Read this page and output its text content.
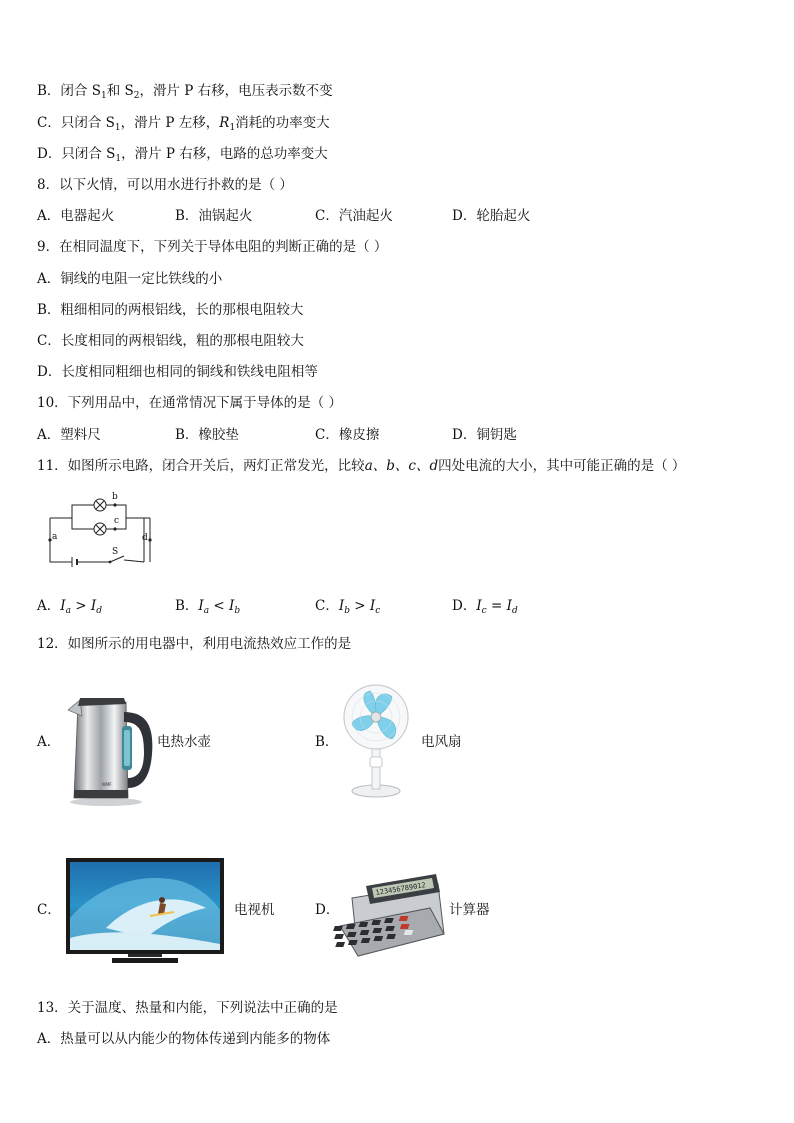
B．闭合 $S_1$和 $S_2$，滑片 P 右移，电压表示数不变
C．只闭合 $S_1$，滑片 P 左移，$R_1$消耗的功率变大
D．只闭合 $S_1$，滑片 P 右移，电路的总功率变大
8．以下火情，可以用水进行扑救的是（ ）
A．电器起火	B．油锅起火	C．汽油起火	D．轮胎起火
9．在相同温度下，下列关于导体电阻的判断正确的是（ ）
A．铜线的电阻一定比铁线的小
B．粗细相同的两根铝线，长的那根电阻较大
C．长度相同的两根铝线，粗的那根电阻较大
D．长度相同粗细也相同的铜线和铁线电阻相等
10．下列用品中，在通常情况下属于导体的是（ ）
A．塑料尺	B．橡胶垫	C．橡皮擦	D．铜钥匙
11．如图所示电路，闭合开关后，两灯正常发光，比较a、b、c、d四处电流的大小，其中可能正确的是（ ）
a
b
c
d
S
A．$I_a > I_d$	B．$I_a < I_b$	C．$I_b > I_c$	D．$I_c = I_d$
12．如图所示的用电器中，利用电流热效应工作的是
A．
WMF
电热水壶	B．	电风扇
C．	电视机	D．
123456789012
计算器
13．关于温度、热量和内能，下列说法中正确的是
A．热量可以从内能少的物体传递到内能多的物体
